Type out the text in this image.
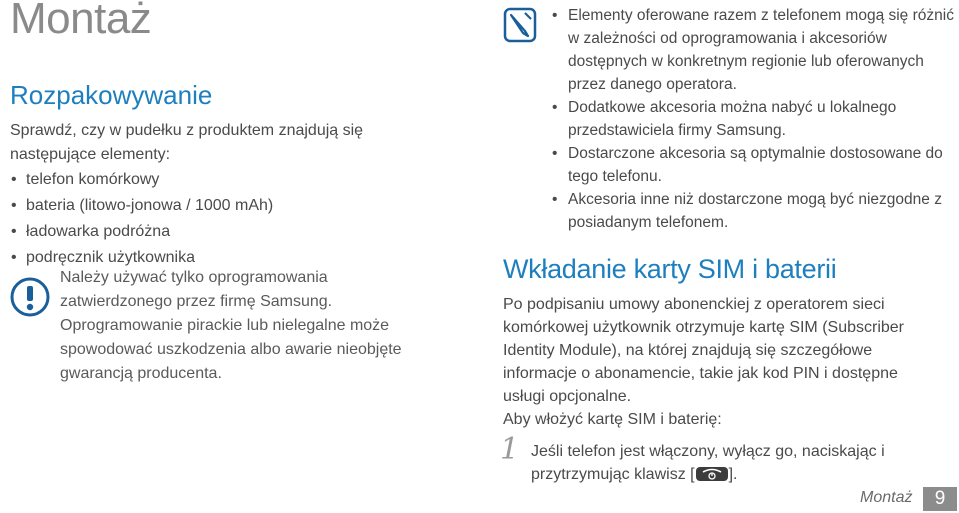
Montaż
Rozpakowywanie

Sprawdź, czy w pudełku z produktem znajdują się następujące elementy:

• telefon komórkowy
• bateria (litowo-jonowa / 1000 mAh)
• ładowarka podróżna
• podręcznik użytkownika
Należy używać tylko oprogramowania zatwierdzonego przez firmę Samsung.
Oprogramowanie pirackie lub nielegalne może spowodować uszkodzenia albo awarie nieobjęte gwarancją producenta.
• Elementy oferowane razem z telefonem mogą się różnić w zależności od oprogramowania i akcesoriów dostępnych w konkretnym regionie lub oferowanych przez danego operatora.
• Dodatkowe akcesoria można nabyć u lokalnego przedstawiciela firmy Samsung.
• Dostarczone akcesoria są optymalnie dostosowane do tego telefonu.
• Akcesoria inne niż dostarczone mogą być niezgodne z posiadanym telefonem.
Wkładanie karty SIM i baterii

Po podpisaniu umowy abonenckiej z operatorem sieci komórkowej użytkownik otrzymuje kartę SIM (Subscriber Identity Module), na której znajdują się szczegółowe informacje o abonamencie, takie jak kod PIN i dostępne usługi opcjonalne.

Aby włożyć kartę SIM i baterię:

1 Jeśli telefon jest włączony, wyłącz go, naciskając i przytrzymując klawisz [ ].

Montaż	9
